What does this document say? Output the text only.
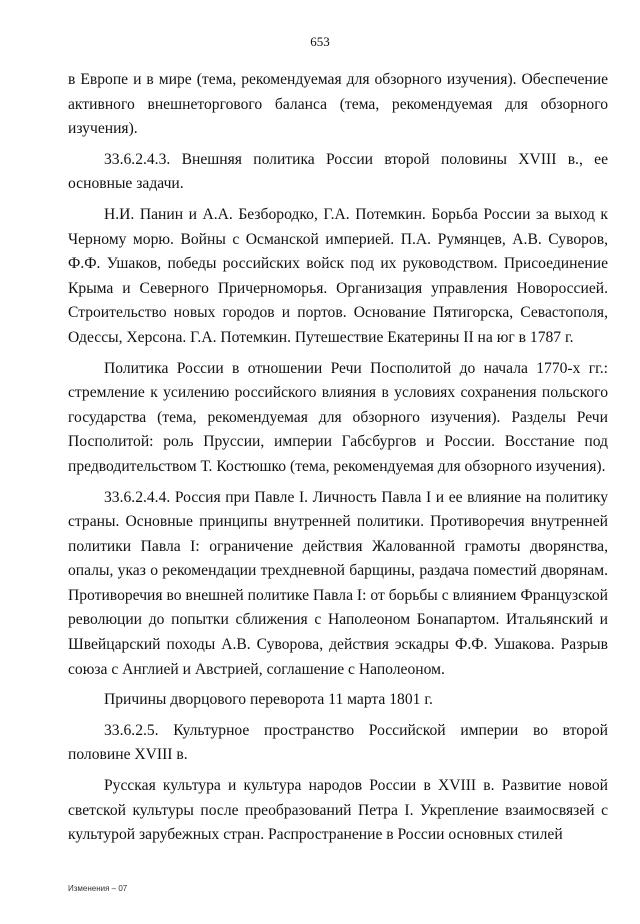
653

в Европе и в мире (тема, рекомендуемая для обзорного изучения). Обеспечение активного внешнеторгового баланса (тема, рекомендуемая для обзорного изучения).

33.6.2.4.3. Внешняя политика России второй половины XVIII в., ее основные задачи.

Н.И. Панин и А.А. Безбородко, Г.А. Потемкин. Борьба России за выход к Черному морю. Войны с Османской империей. П.А. Румянцев, А.В. Суворов, Ф.Ф. Ушаков, победы российских войск под их руководством. Присоединение Крыма и Северного Причерноморья. Организация управления Новороссией. Строительство новых городов и портов. Основание Пятигорска, Севастополя, Одессы, Херсона. Г.А. Потемкин. Путешествие Екатерины II на юг в 1787 г.

Политика России в отношении Речи Посполитой до начала 1770-х гг.: стремление к усилению российского влияния в условиях сохранения польского государства (тема, рекомендуемая для обзорного изучения). Разделы Речи Посполитой: роль Пруссии, империи Габсбургов и России. Восстание под предводительством Т. Костюшко (тема, рекомендуемая для обзорного изучения).

33.6.2.4.4. Россия при Павле I. Личность Павла I и ее влияние на политику страны. Основные принципы внутренней политики. Противоречия внутренней политики Павла I: ограничение действия Жалованной грамоты дворянства, опалы, указ о рекомендации трехдневной барщины, раздача поместий дворянам. Противоречия во внешней политике Павла I: от борьбы с влиянием Французской революции до попытки сближения с Наполеоном Бонапартом. Итальянский и Швейцарский походы А.В. Суворова, действия эскадры Ф.Ф. Ушакова. Разрыв союза с Англией и Австрией, соглашение с Наполеоном.

Причины дворцового переворота 11 марта 1801 г.

33.6.2.5. Культурное пространство Российской империи во второй половине XVIII в.

Русская культура и культура народов России в XVIII в. Развитие новой светской культуры после преобразований Петра I. Укрепление взаимосвязей с культурой зарубежных стран. Распространение в России основных стилей

Изменения – 07
